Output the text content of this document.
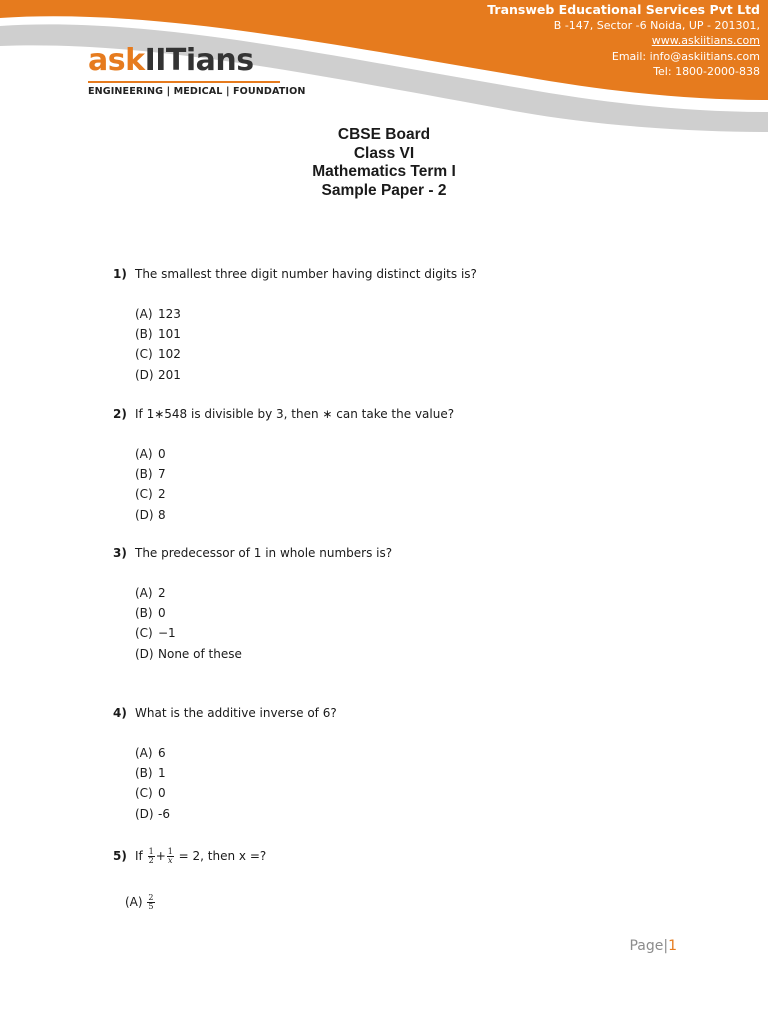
Transweb Educational Services Pvt Ltd
B -147, Sector -6 Noida, UP - 201301,
www.askiitians.com
Email: info@askiitians.com
Tel: 1800-2000-838
askIITians
ENGINEERING | MEDICAL | FOUNDATION
CBSE Board
Class VI
Mathematics Term I
Sample Paper - 2
1) The smallest three digit number having distinct digits is?
(A) 123
(B) 101
(C) 102
(D) 201
2) If 1∗548 is divisible by 3, then ∗ can take the value?
(A) 0
(B) 7
(C) 2
(D) 8
3) The predecessor of 1 in whole numbers is?
(A) 2
(B) 0
(C) −1
(D) None of these
4) What is the additive inverse of 6?
(A) 6
(B) 1
(C) 0
(D) -6
5) If $\frac{1}{2} + \frac{1}{x} = 2$, then x =?
$(A) \frac{2}{5}$
Page|1
